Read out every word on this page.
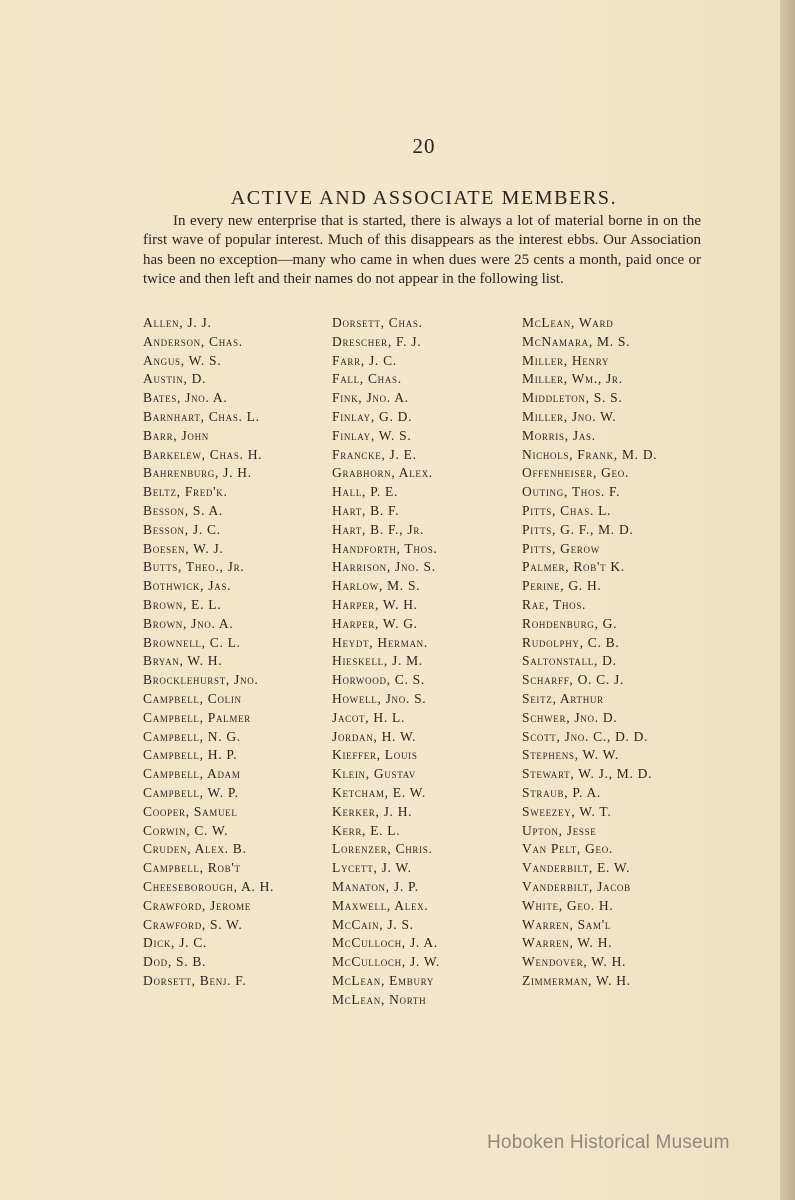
20
ACTIVE AND ASSOCIATE MEMBERS.

In every new enterprise that is started, there is always a lot of material borne in on the first wave of popular interest. Much of this disappears as the interest ebbs. Our Association has been no exception—many who came in when dues were 25 cents a month, paid once or twice and then left and their names do not appear in the following list.

Allen, J. J.
Anderson, Chas.
Angus, W. S.
Austin, D.
Bates, Jno. A.
Barnhart, Chas. L.
Barr, John
Barkelew, Chas. H.
Bahrenburg, J. H.
Beltz, Fred'k.
Besson, S. A.
Besson, J. C.
Boesen, W. J.
Butts, Theo., Jr.
Bothwick, Jas.
Brown, E. L.
Brown, Jno. A.
Brownell, C. L.
Bryan, W. H.
Brocklehurst, Jno.
Campbell, Colin
Campbell, Palmer
Campbell, N. G.
Campbell, H. P.
Campbell, Adam
Campbell, W. P.
Cooper, Samuel
Corwin, C. W.
Cruden, Alex. B.
Campbell, Rob't
Cheeseborough, A. H.
Crawford, Jerome
Crawford, S. W.
Dick, J. C.
Dod, S. B.
Dorsett, Benj. F.
Dorsett, Chas.
Drescher, F. J.
Farr, J. C.
Fall, Chas.
Fink, Jno. A.
Finlay, G. D.
Finlay, W. S.
Francke, J. E.
Grabhorn, Alex.
Hall, P. E.
Hart, B. F.
Hart, B. F., Jr.
Handforth, Thos.
Harrison, Jno. S.
Harlow, M. S.
Harper, W. H.
Harper, W. G.
Heydt, Herman.
Hieskell, J. M.
Horwood, C. S.
Howell, Jno. S.
Jacot, H. L.
Jordan, H. W.
Kieffer, Louis
Klein, Gustav
Ketcham, E. W.
Kerker, J. H.
Kerr, E. L.
Lorenzer, Chris.
Lycett, J. W.
Manaton, J. P.
Maxwell, Alex.
McCain, J. S.
McCulloch, J. A.
McCulloch, J. W.
McLean, Embury
McLean, North
McLean, Ward
McNamara, M. S.
Miller, Henry
Miller, Wm., Jr.
Middleton, S. S.
Miller, Jno. W.
Morris, Jas.
Nichols, Frank, M. D.
Offenheiser, Geo.
Outing, Thos. F.
Pitts, Chas. L.
Pitts, G. F., M. D.
Pitts, Gerow
Palmer, Rob't K.
Perine, G. H.
Rae, Thos.
Rohdenburg, G.
Rudolphy, C. B.
Saltonstall, D.
Scharff, O. C. J.
Seitz, Arthur
Schwer, Jno. D.
Scott, Jno. C., D. D.
Stephens, W. W.
Stewart, W. J., M. D.
Straub, P. A.
Sweezey, W. T.
Upton, Jesse
Van Pelt, Geo.
Vanderbilt, E. W.
Vanderbilt, Jacob
White, Geo. H.
Warren, Sam'l
Warren, W. H.
Wendover, W. H.
Zimmerman, W. H.
Hoboken Historical Museum
